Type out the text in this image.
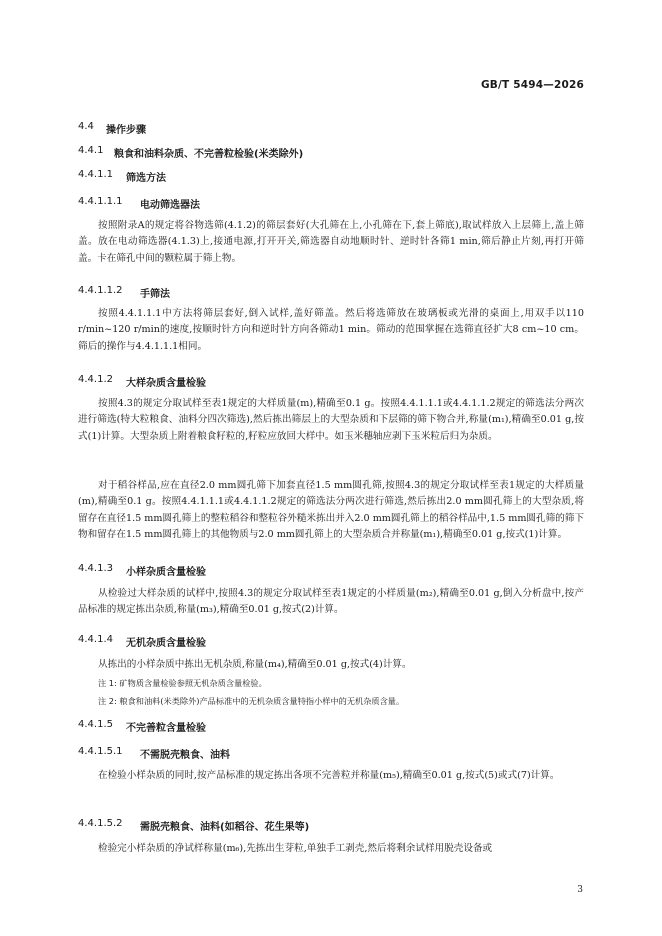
GB/T 5494—2026
4.4 操作步骤
4.4.1 粮食和油料杂质、不完善粒检验(米类除外)
4.4.1.1 筛选方法
4.4.1.1.1 电动筛选器法
按照附录A的规定将谷物选筛(4.1.2)的筛层套好(大孔筛在上,小孔筛在下,套上筛底),取试样放入上层筛上,盖上筛盖。放在电动筛选器(4.1.3)上,接通电源,打开开关,筛选器自动地顺时针、逆时针各筛1 min,筛后静止片刻,再打开筛盖。卡在筛孔中间的颗粒属于筛上物。
4.4.1.1.2 手筛法
按照4.4.1.1.1中方法将筛层套好,倒入试样,盖好筛盖。然后将选筛放在玻璃板或光滑的桌面上,用双手以110 r/min~120 r/min的速度,按顺时针方向和逆时针方向各筛动1 min。筛动的范围掌握在选筛直径扩大8 cm~10 cm。筛后的操作与4.4.1.1.1相同。
4.4.1.2 大样杂质含量检验
按照4.3的规定分取试样至表1规定的大样质量(m),精确至0.1 g。按照4.4.1.1.1或4.4.1.1.2规定的筛选法分两次进行筛选(特大粒粮食、油料分四次筛选),然后拣出筛层上的大型杂质和下层筛的筛下物合并,称量(m₁),精确至0.01 g,按式(1)计算。大型杂质上附着粮食籽粒的,籽粒应放回大样中。如玉米穗轴应剥下玉米粒后归为杂质。
对于稻谷样品,应在直径2.0 mm圆孔筛下加套直径1.5 mm圆孔筛,按照4.3的规定分取试样至表1规定的大样质量(m),精确至0.1 g。按照4.4.1.1.1或4.4.1.1.2规定的筛选法分两次进行筛选,然后拣出2.0 mm圆孔筛上的大型杂质,将留存在直径1.5 mm圆孔筛上的整粒稻谷和整粒谷外糙米拣出并入2.0 mm圆孔筛上的稻谷样品中,1.5 mm圆孔筛的筛下物和留存在1.5 mm圆孔筛上的其他物质与2.0 mm圆孔筛上的大型杂质合并称量(m₁),精确至0.01 g,按式(1)计算。
4.4.1.3 小样杂质含量检验
从检验过大样杂质的试样中,按照4.3的规定分取试样至表1规定的小样质量(m₂),精确至0.01 g,倒入分析盘中,按产品标准的规定拣出杂质,称量(m₃),精确至0.01 g,按式(2)计算。
4.4.1.4 无机杂质含量检验
从拣出的小样杂质中拣出无机杂质,称量(m₄),精确至0.01 g,按式(4)计算。
注 1: 矿物质含量检验参照无机杂质含量检验。
注 2: 粮食和油料(米类除外)产品标准中的无机杂质含量特指小样中的无机杂质含量。
4.4.1.5 不完善粒含量检验
4.4.1.5.1 不需脱壳粮食、油料
在检验小样杂质的同时,按产品标准的规定拣出各项不完善粒并称量(m₅),精确至0.01 g,按式(5)或式(7)计算。
4.4.1.5.2 需脱壳粮食、油料(如稻谷、花生果等)
检验完小样杂质的净试样称量(m₆),先拣出生芽粒,单独手工剥壳,然后将剩余试样用脱壳设备或
3
